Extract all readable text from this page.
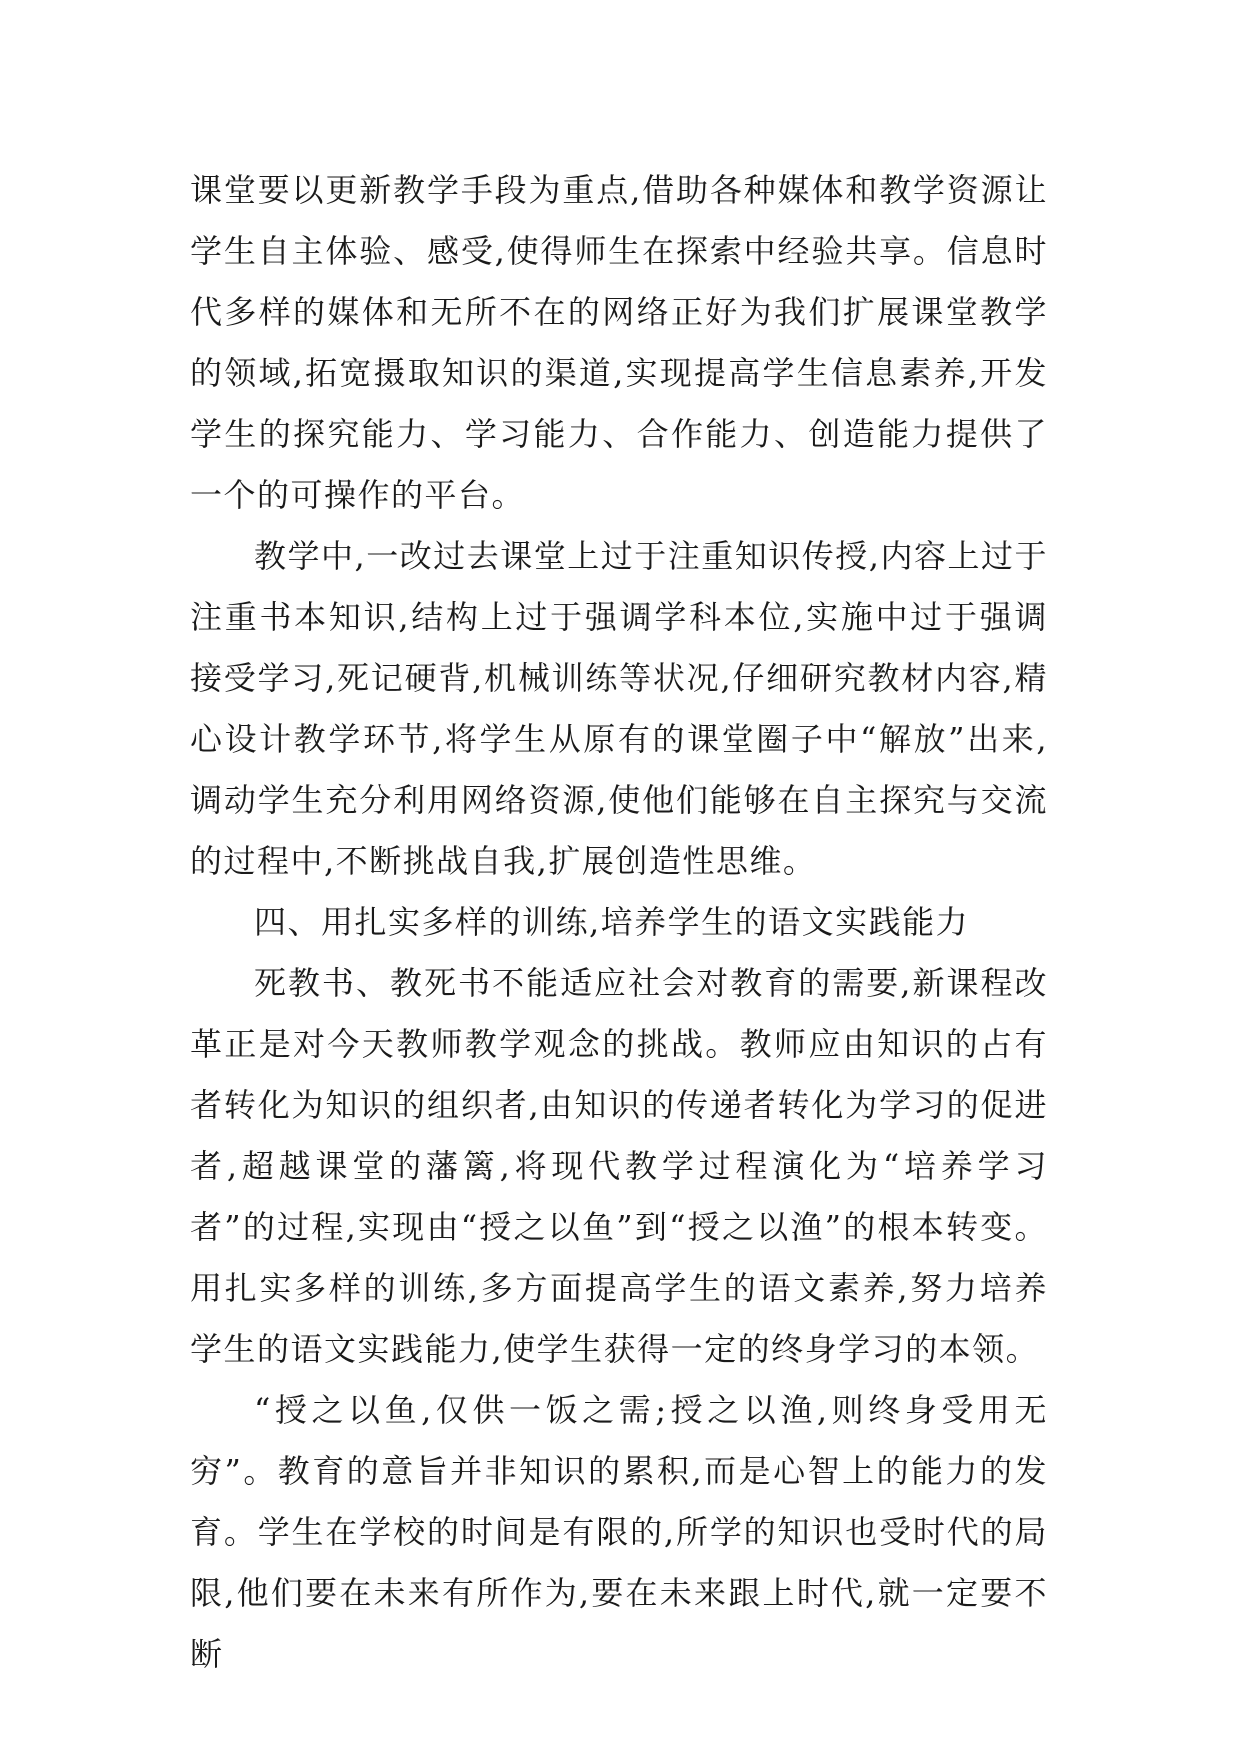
课堂要以更新教学手段为重点,借助各种媒体和教学资源让学生自主体验、感受,使得师生在探索中经验共享。信息时代多样的媒体和无所不在的网络正好为我们扩展课堂教学的领域,拓宽摄取知识的渠道,实现提高学生信息素养,开发学生的探究能力、学习能力、合作能力、创造能力提供了一个的可操作的平台。

教学中,一改过去课堂上过于注重知识传授,内容上过于注重书本知识,结构上过于强调学科本位,实施中过于强调接受学习,死记硬背,机械训练等状况,仔细研究教材内容,精心设计教学环节,将学生从原有的课堂圈子中“解放”出来,调动学生充分利用网络资源,使他们能够在自主探究与交流的过程中,不断挑战自我,扩展创造性思维。

四、用扎实多样的训练,培养学生的语文实践能力

死教书、教死书不能适应社会对教育的需要,新课程改革正是对今天教师教学观念的挑战。教师应由知识的占有者转化为知识的组织者,由知识的传递者转化为学习的促进者,超越课堂的藩篱,将现代教学过程演化为“培养学习者”的过程,实现由“授之以鱼”到“授之以渔”的根本转变。用扎实多样的训练,多方面提高学生的语文素养,努力培养学生的语文实践能力,使学生获得一定的终身学习的本领。

“授之以鱼,仅供一饭之需;授之以渔,则终身受用无穷”。教育的意旨并非知识的累积,而是心智上的能力的发育。学生在学校的时间是有限的,所学的知识也受时代的局限,他们要在未来有所作为,要在未来跟上时代,就一定要不断
